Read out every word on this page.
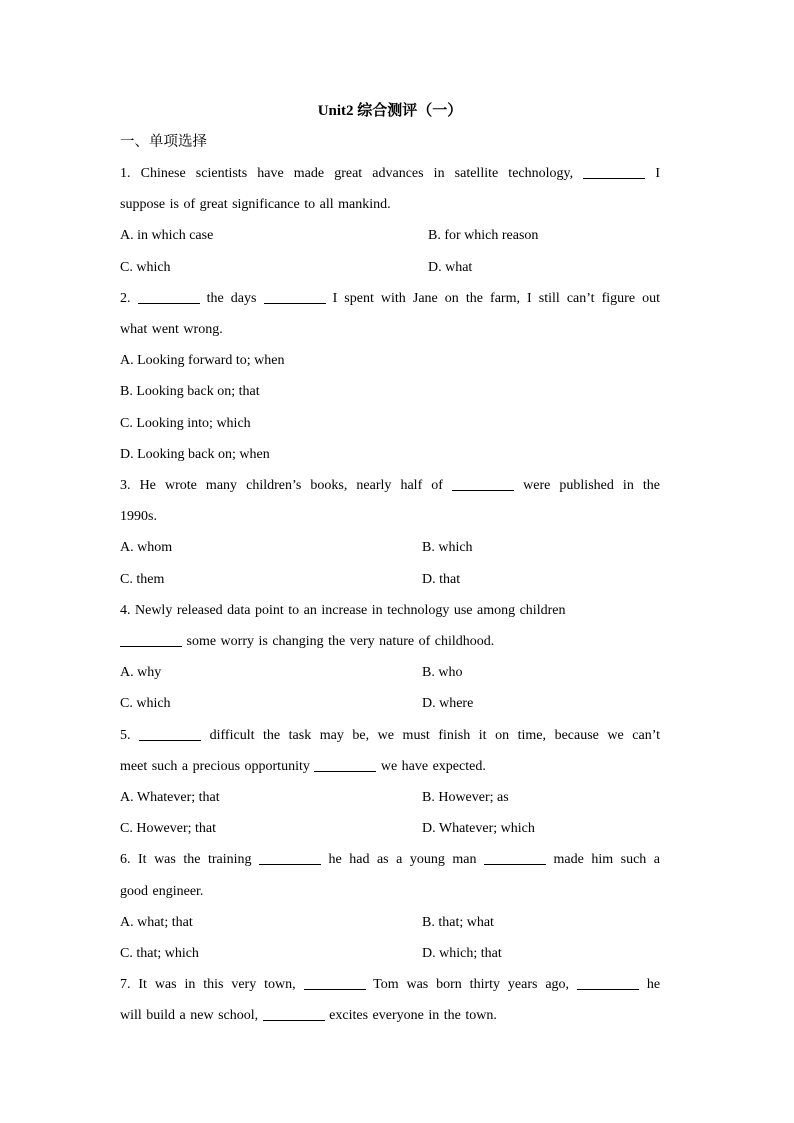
Unit2 综合测评（一）
一、单项选择
1. Chinese scientists have made great advances in satellite technology,	I
suppose is of great significance to all mankind.
A. in which case	B. for which reason
C. which	D. what
2.	the days	I spent with Jane on the farm, I still can’t figure out
what went wrong.
A. Looking forward to; when
B. Looking back on; that
C. Looking into; which
D. Looking back on; when
3. He wrote many children’s books, nearly half of	were published in the
1990s.
A. whom	B. which
C. them	D. that
4. Newly released data point to an increase in technology use among children
some worry is changing the very nature of childhood.
A. why	B. who
C. which	D. where
5.	difficult the task may be, we must finish it on time, because we can’t
meet such a precious opportunity	we have expected.
A. Whatever; that	B. However; as
C. However; that	D. Whatever; which
6. It was the training	he had as a young man	made him such a
good engineer.
A. what; that	B. that; what
C. that; which	D. which; that
7. It was in this very town,	Tom was born thirty years ago,	he
will build a new school,	excites everyone in the town.
